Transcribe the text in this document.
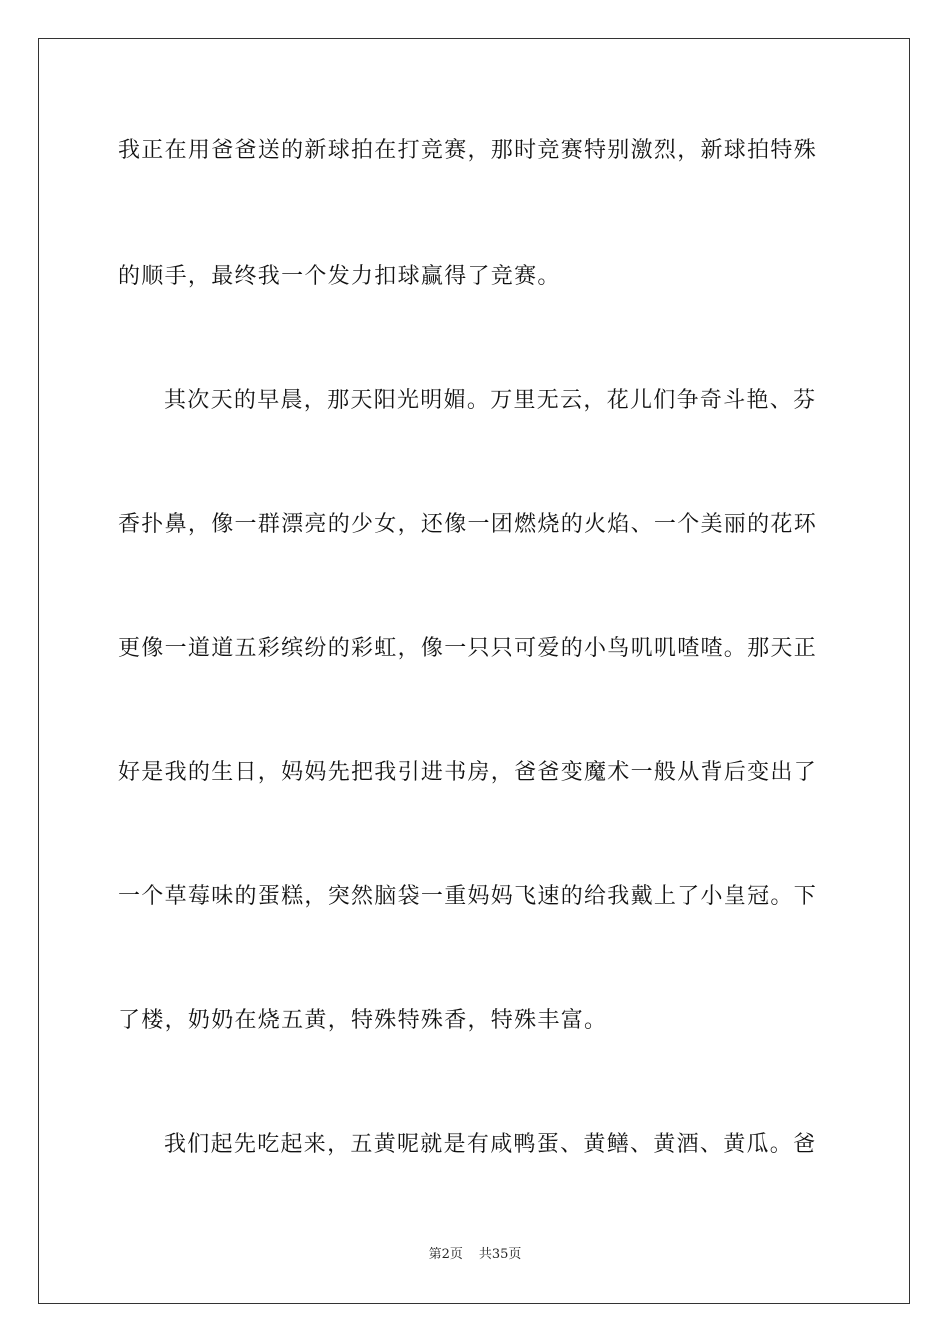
我正在用爸爸送的新球拍在打竞赛，那时竞赛特别激烈，新球拍特殊
的顺手，最终我一个发力扣球赢得了竞赛。
其次天的早晨，那天阳光明媚。万里无云，花儿们争奇斗艳、芬
香扑鼻，像一群漂亮的少女，还像一团燃烧的火焰、一个美丽的花环
更像一道道五彩缤纷的彩虹，像一只只可爱的小鸟叽叽喳喳。那天正
好是我的生日，妈妈先把我引进书房，爸爸变魔术一般从背后变出了
一个草莓味的蛋糕，突然脑袋一重妈妈飞速的给我戴上了小皇冠。下
了楼，奶奶在烧五黄，特殊特殊香，特殊丰富。
我们起先吃起来，五黄呢就是有咸鸭蛋、黄鳝、黄酒、黄瓜。爸
第2页 共35页
